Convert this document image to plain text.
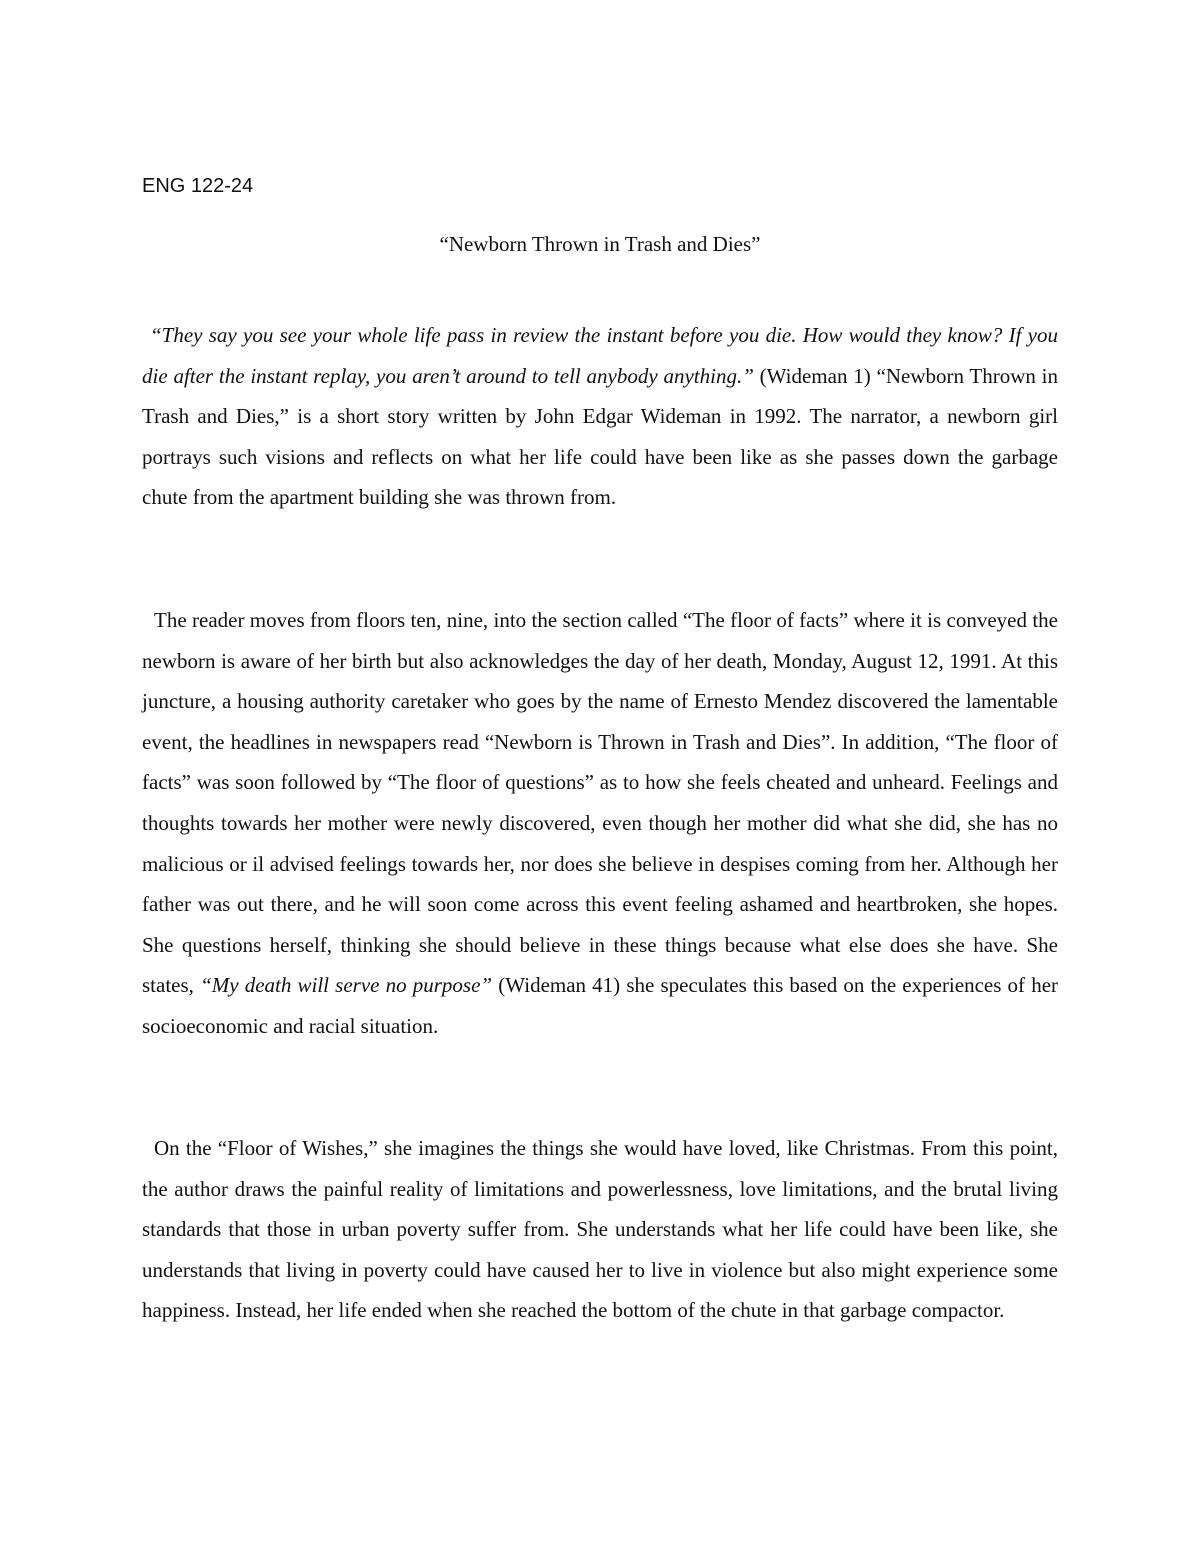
ENG 122-24

“Newborn Thrown in Trash and Dies”

“They say you see your whole life pass in review the instant before you die. How would they know? If you die after the instant replay, you aren’t around to tell anybody anything.” (Wideman 1) “Newborn Thrown in Trash and Dies,” is a short story written by John Edgar Wideman in 1992. The narrator, a newborn girl portrays such visions and reflects on what her life could have been like as she passes down the garbage chute from the apartment building she was thrown from.

The reader moves from floors ten, nine, into the section called “The floor of facts” where it is conveyed the newborn is aware of her birth but also acknowledges the day of her death, Monday, August 12, 1991. At this juncture, a housing authority caretaker who goes by the name of Ernesto Mendez discovered the lamentable event, the headlines in newspapers read “Newborn is Thrown in Trash and Dies”. In addition, “The floor of facts” was soon followed by “The floor of questions” as to how she feels cheated and unheard. Feelings and thoughts towards her mother were newly discovered, even though her mother did what she did, she has no malicious or il advised feelings towards her, nor does she believe in despises coming from her. Although her father was out there, and he will soon come across this event feeling ashamed and heartbroken, she hopes. She questions herself, thinking she should believe in these things because what else does she have. She states, “My death will serve no purpose” (Wideman 41) she speculates this based on the experiences of her socioeconomic and racial situation.

On the “Floor of Wishes,” she imagines the things she would have loved, like Christmas. From this point, the author draws the painful reality of limitations and powerlessness, love limitations, and the brutal living standards that those in urban poverty suffer from. She understands what her life could have been like, she understands that living in poverty could have caused her to live in violence but also might experience some happiness. Instead, her life ended when she reached the bottom of the chute in that garbage compactor.
